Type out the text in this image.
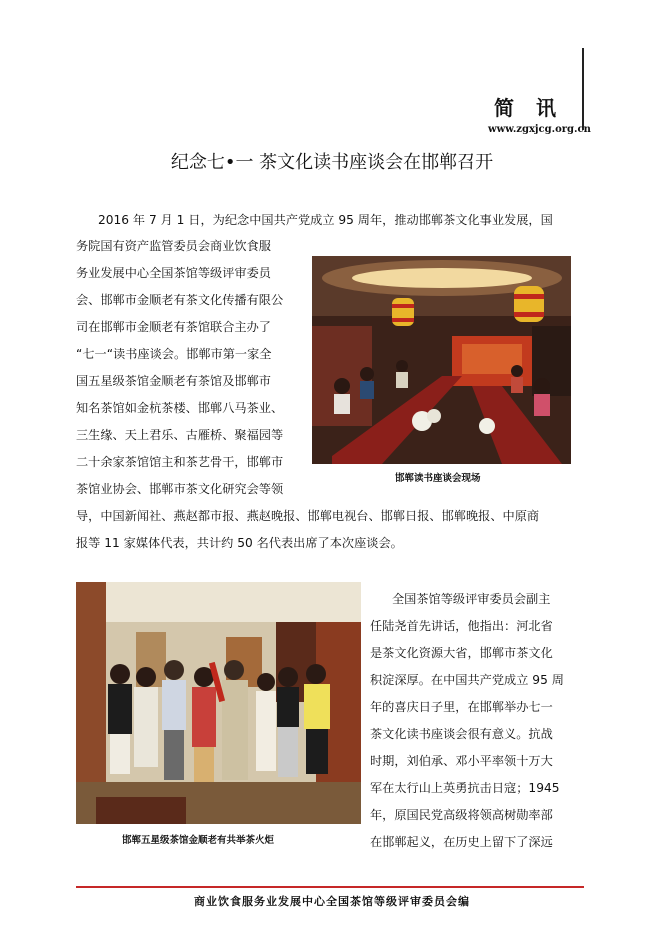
简讯
www.zgxjcg.org.cn
纪念七•一 茶文化读书座谈会在邯郸召开
2016 年 7 月 1 日，为纪念中国共产党成立 95 周年，推动邯郸茶文化事业发展，国
务院国有资产监管委员会商业饮食服
务业发展中心全国茶馆等级评审委员
会、邯郸市金顺老有茶文化传播有限公
司在邯郸市金顺老有茶馆联合主办了
“七一“读书座谈会。邯郸市第一家全
国五星级茶馆金顺老有茶馆及邯郸市
知名茶馆如金杭茶楼、邯郸八马茶业、
三生缘、天上君乐、古雁桥、聚福园等
二十余家茶馆馆主和茶艺骨干，邯郸市
茶馆业协会、邯郸市茶文化研究会等领
导，中国新闻社、燕赵都市报、燕赵晚报、邯郸电视台、邯郸日报、邯郸晚报、中原商
报等 11 家媒体代表，共计约 50 名代表出席了本次座谈会。
全国茶馆等级评审委员会副主
任陆尧首先讲话，他指出：河北省
是茶文化资源大省，邯郸市茶文化
积淀深厚。在中国共产党成立 95 周
年的喜庆日子里，在邯郸举办七一
茶文化读书座谈会很有意义。抗战
时期，刘伯承、邓小平率领十万大
军在太行山上英勇抗击日寇；1945
年，原国民党高级将领高树勋率部
在邯郸起义，在历史上留下了深远
邯郸读书座谈会现场
邯郸五星级茶馆金顺老有共举茶火炬
商业饮食服务业发展中心全国茶馆等级评审委员会编
